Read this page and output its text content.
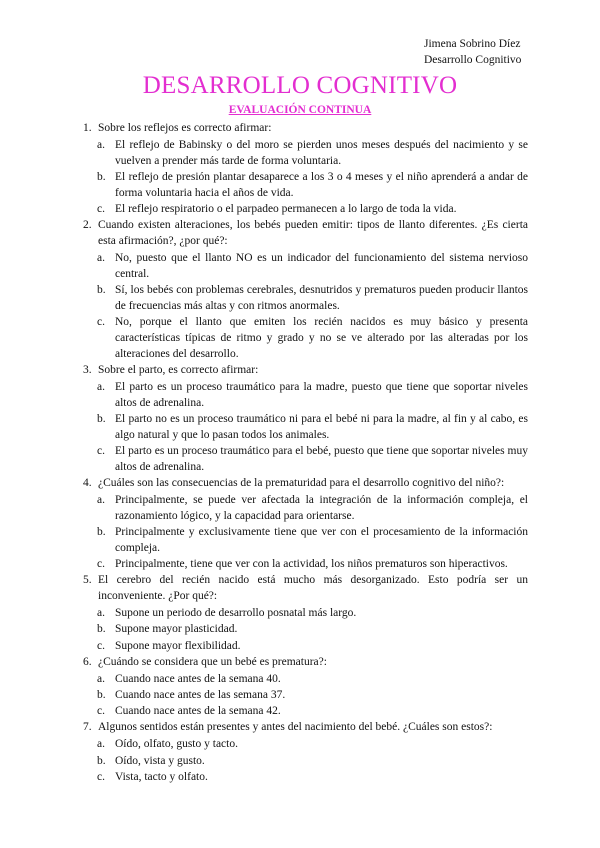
Jimena Sobrino Díez
Desarrollo Cognitivo
DESARROLLO COGNITIVO
EVALUACIÓN CONTINUA
1. Sobre los reflejos es correcto afirmar:
a. El reflejo de Babinsky o del moro se pierden unos meses después del nacimiento y se vuelven a prender más tarde de forma voluntaria.
b. El reflejo de presión plantar desaparece a los 3 o 4 meses y el niño aprenderá a andar de forma voluntaria hacia el años de vida.
c. El reflejo respiratorio o el parpadeo permanecen a lo largo de toda la vida.
2. Cuando existen alteraciones, los bebés pueden emitir: tipos de llanto diferentes. ¿Es cierta esta afirmación?, ¿por qué?:
a. No, puesto que el llanto NO es un indicador del funcionamiento del sistema nervioso central.
b. Sí, los bebés con problemas cerebrales, desnutridos y prematuros pueden producir llantos de frecuencias más altas y con ritmos anormales.
c. No, porque el llanto que emiten los recién nacidos es muy básico y presenta características típicas de ritmo y grado y no se ve alterado por las alteradas por los alteraciones del desarrollo.
3. Sobre el parto, es correcto afirmar:
a. El parto es un proceso traumático para la madre, puesto que tiene que soportar niveles altos de adrenalina.
b. El parto no es un proceso traumático ni para el bebé ni para la madre, al fin y al cabo, es algo natural y que lo pasan todos los animales.
c. El parto es un proceso traumático para el bebé, puesto que tiene que soportar niveles muy altos de adrenalina.
4. ¿Cuáles son las consecuencias de la prematuridad para el desarrollo cognitivo del niño?:
a. Principalmente, se puede ver afectada la integración de la información compleja, el razonamiento lógico, y la capacidad para orientarse.
b. Principalmente y exclusivamente tiene que ver con el procesamiento de la información compleja.
c. Principalmente, tiene que ver con la actividad, los niños prematuros son hiperactivos.
5. El cerebro del recién nacido está mucho más desorganizado. Esto podría ser un inconveniente. ¿Por qué?:
a. Supone un periodo de desarrollo posnatal más largo.
b. Supone mayor plasticidad.
c. Supone mayor flexibilidad.
6. ¿Cuándo se considera que un bebé es prematura?:
a. Cuando nace antes de la semana 40.
b. Cuando nace antes de las semana 37.
c. Cuando nace antes de la semana 42.
7. Algunos sentidos están presentes y antes del nacimiento del bebé. ¿Cuáles son estos?:
a. Oído, olfato, gusto y tacto.
b. Oído, vista y gusto.
c. Vista, tacto y olfato.
